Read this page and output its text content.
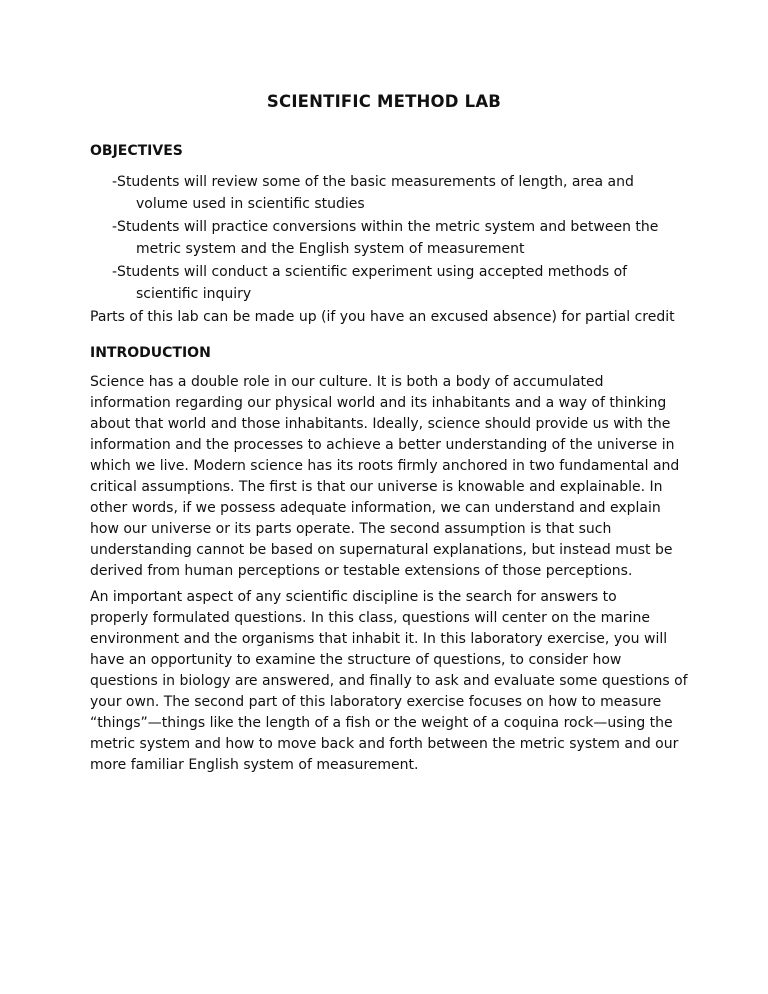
SCIENTIFIC METHOD LAB
OBJECTIVES
-Students will review some of the basic measurements of length, area and
volume used in scientific studies
-Students will practice conversions within the metric system and between the
metric system and the English system of measurement
-Students will conduct a scientific experiment using accepted methods of
scientific inquiry
Parts of this lab can be made up (if you have an excused absence) for partial credit
INTRODUCTION
Science has a double role in our culture. It is both a body of accumulated
information regarding our physical world and its inhabitants and a way of thinking
about that world and those inhabitants. Ideally, science should provide us with the
information and the processes to achieve a better understanding of the universe in
which we live. Modern science has its roots firmly anchored in two fundamental and
critical assumptions. The first is that our universe is knowable and explainable. In
other words, if we possess adequate information, we can understand and explain
how our universe or its parts operate. The second assumption is that such
understanding cannot be based on supernatural explanations, but instead must be
derived from human perceptions or testable extensions of those perceptions.
An important aspect of any scientific discipline is the search for answers to
properly formulated questions. In this class, questions will center on the marine
environment and the organisms that inhabit it. In this laboratory exercise, you will
have an opportunity to examine the structure of questions, to consider how
questions in biology are answered, and finally to ask and evaluate some questions of
your own. The second part of this laboratory exercise focuses on how to measure
“things”—things like the length of a fish or the weight of a coquina rock—using the
metric system and how to move back and forth between the metric system and our
more familiar English system of measurement.
